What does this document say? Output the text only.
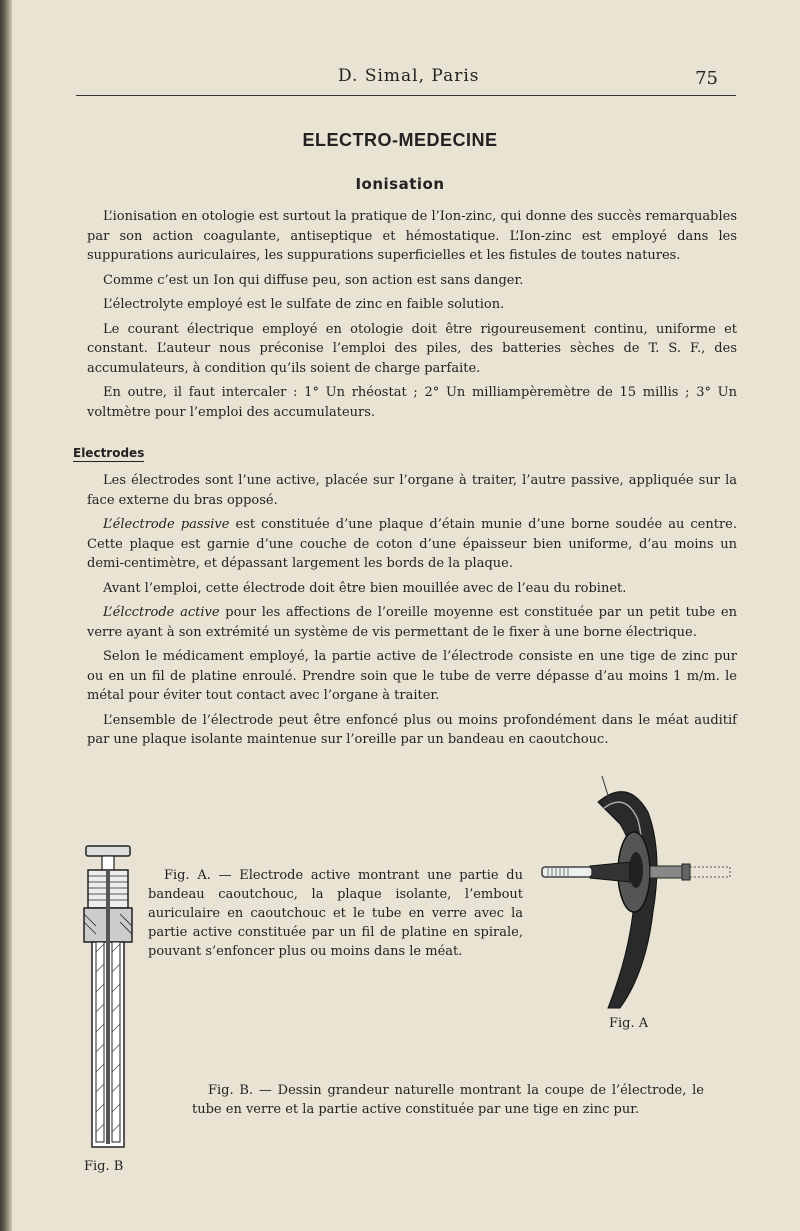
D. Simal, Paris	75
ELECTRO-MEDECINE
Ionisation

L’ionisation en otologie est surtout la pratique de l’Ion-zinc, qui donne des succès remarquables par son action coagulante, antiseptique et hémostatique. L’Ion-zinc est employé dans les suppurations auriculaires, les suppurations superficielles et les fistules de toutes natures.

Comme c’est un Ion qui diffuse peu, son action est sans danger.

L’électrolyte employé est le sulfate de zinc en faible solution.

Le courant électrique employé en otologie doit être rigoureusement continu, uniforme et constant. L’auteur nous préconise l’emploi des piles, des batteries sèches de T. S. F., des accumulateurs, à condition qu’ils soient de charge parfaite.

En outre, il faut intercaler : 1° Un rhéostat ; 2° Un milliampèremètre de 15 millis ; 3° Un voltmètre pour l’emploi des accumulateurs.

Electrodes

Les électrodes sont l’une active, placée sur l’organe à traiter, l’autre passive, appliquée sur la face externe du bras opposé.

L’électrode passive est constituée d’une plaque d’étain munie d’une borne soudée au centre. Cette plaque est garnie d’une couche de coton d’une épaisseur bien uniforme, d’au moins un demi-centimètre, et dépassant largement les bords de la plaque.

Avant l’emploi, cette électrode doit être bien mouillée avec de l’eau du robinet.

L’élcctrode active pour les affections de l’oreille moyenne est constituée par un petit tube en verre ayant à son extrémité un système de vis permettant de le fixer à une borne électrique.

Selon le médicament employé, la partie active de l’électrode consiste en une tige de zinc pur ou en un fil de platine enroulé. Prendre soin que le tube de verre dépasse d’au moins 1 m/m. le métal pour éviter tout contact avec l’organe à traiter.

L’ensemble de l’électrode peut être enfoncé plus ou moins profondément dans le méat auditif par une plaque isolante maintenue sur l’oreille par un bandeau en caoutchouc.

Fig. A. — Electrode active montrant une partie du bandeau caoutchouc, la plaque isolante, l’embout auriculaire en caoutchouc et le tube en verre avec la partie active constituée par un fil de platine en spirale, pouvant s’enfoncer plus ou moins dans le méat.
Fig. A
Fig. B. — Dessin grandeur naturelle montrant la coupe de l’électrode, le tube en verre et la partie active constituée par une tige en zinc pur.
Fig. B
